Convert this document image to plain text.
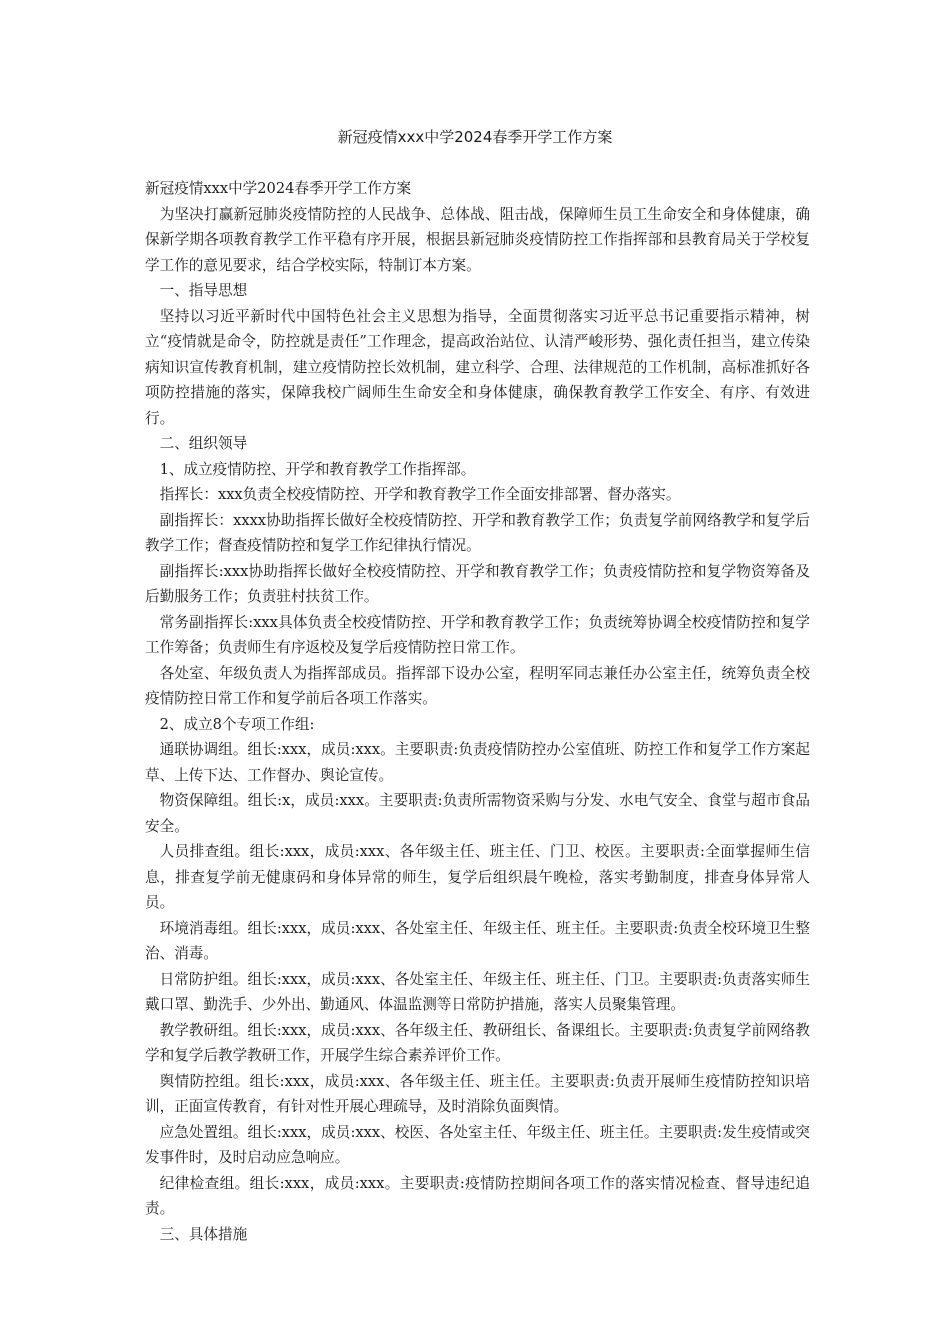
新冠疫情xxx中学2024春季开学工作方案

新冠疫情xxx中学2024春季开学工作方案

为坚决打赢新冠肺炎疫情防控的人民战争、总体战、阻击战，保障师生员工生命安全和身体健康，确保新学期各项教育教学工作平稳有序开展，根据县新冠肺炎疫情防控工作指挥部和县教育局关于学校复学工作的意见要求，结合学校实际，特制订本方案。

一、指导思想

坚持以习近平新时代中国特色社会主义思想为指导，全面贯彻落实习近平总书记重要指示精神，树立“疫情就是命令，防控就是责任”工作理念，提高政治站位、认清严峻形势、强化责任担当，建立传染病知识宣传教育机制，建立疫情防控长效机制，建立科学、合理、法律规范的工作机制，高标准抓好各项防控措施的落实，保障我校广阔师生生命安全和身体健康，确保教育教学工作安全、有序、有效进行。

二、组织领导

1、成立疫情防控、开学和教育教学工作指挥部。

指挥长：xxx负责全校疫情防控、开学和教育教学工作全面安排部署、督办落实。

副指挥长：xxxx协助指挥长做好全校疫情防控、开学和教育教学工作；负责复学前网络教学和复学后教学工作；督查疫情防控和复学工作纪律执行情况。

副指挥长:xxx协助指挥长做好全校疫情防控、开学和教育教学工作；负责疫情防控和复学物资筹备及后勤服务工作；负责驻村扶贫工作。

常务副指挥长:xxx具体负责全校疫情防控、开学和教育教学工作；负责统筹协调全校疫情防控和复学工作筹备；负责师生有序返校及复学后疫情防控日常工作。

各处室、年级负责人为指挥部成员。指挥部下设办公室，程明军同志兼任办公室主任，统筹负责全校疫情防控日常工作和复学前后各项工作落实。

2、成立8个专项工作组:

通联协调组。组长:xxx，成员:xxx。主要职责:负责疫情防控办公室值班、防控工作和复学工作方案起草、上传下达、工作督办、舆论宣传。

物资保障组。组长:x，成员:xxx。主要职责:负责所需物资采购与分发、水电气安全、食堂与超市食品安全。

人员排查组。组长:xxx，成员:xxx、各年级主任、班主任、门卫、校医。主要职责:全面掌握师生信息，排查复学前无健康码和身体异常的师生，复学后组织晨午晚检，落实考勤制度，排查身体异常人员。

环境消毒组。组长:xxx，成员:xxx、各处室主任、年级主任、班主任。主要职责:负责全校环境卫生整治、消毒。

日常防护组。组长:xxx，成员:xxx、各处室主任、年级主任、班主任、门卫。主要职责:负责落实师生戴口罩、勤洗手、少外出、勤通风、体温监测等日常防护措施，落实人员聚集管理。

教学教研组。组长:xxx，成员:xxx、各年级主任、教研组长、备课组长。主要职责:负责复学前网络教学和复学后教学教研工作，开展学生综合素养评价工作。

舆情防控组。组长:xxx，成员:xxx、各年级主任、班主任。主要职责:负责开展师生疫情防控知识培训，正面宣传教育，有针对性开展心理疏导，及时消除负面舆情。

应急处置组。组长:xxx，成员:xxx、校医、各处室主任、年级主任、班主任。主要职责:发生疫情或突发事件时，及时启动应急响应。

纪律检查组。组长:xxx，成员:xxx。主要职责:疫情防控期间各项工作的落实情况检查、督导违纪追责。

三、具体措施
